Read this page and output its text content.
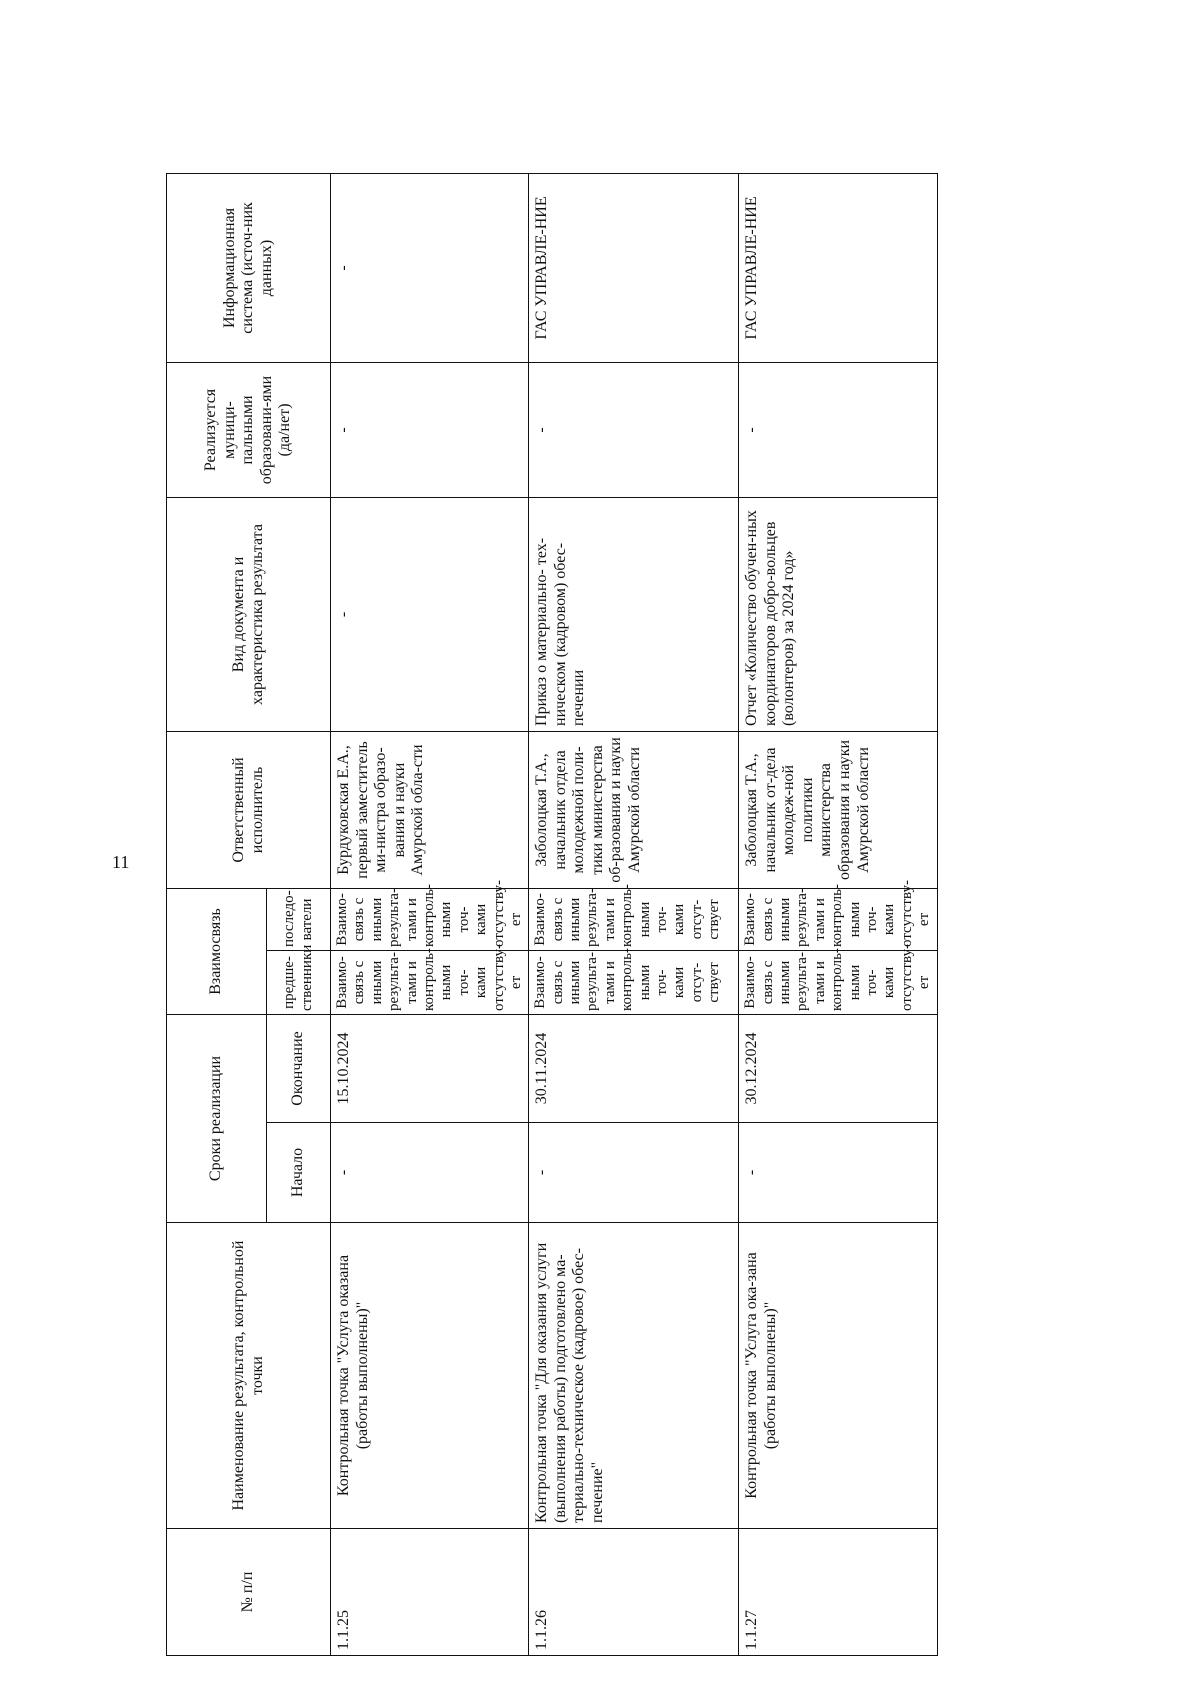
11
№ п/п	Наименование результата, контрольной точки	Сроки реализации		Взаимосвязь		Ответственный исполнитель	Вид документа и характеристика результата	Реализуется муници-пальными образовани-ями (да/нет)	Информационная система (источ-ник данных)
		Начало	Окончание	предше-ственники	последо-ватели				
1.1.25	Контрольная точка "Услуга оказана (работы выполнены)"	-	15.10.2024	Взаимо-связь с иными результа-тами и контроль-ными точ-ками отсутству-ет	Взаимо-связь с иными результа-тами и контроль-ными точ-ками отсутству-ет	Бурдуковская Е.А., первый заместитель ми-нистра образо-вания и науки Амурской обла-сти	-	-	-
1.1.26	Контрольная точка "Для оказания услуги (выполнения работы) подготовлено ма-териально-техническое (кадровое) обес-печение"	-	30.11.2024	Взаимо-связь с иными результа-тами и контроль-ными точ-ками отсут-ствует	Взаимо-связь с иными результа-тами и контроль-ными точ-ками отсут-ствует	Заболоцкая Т.А., начальник отдела молодежной поли-тики министерства об-разования и науки Амурской области	Приказ о материально- тех-ническом (кадровом) обес-печении	-	ГАС УПРАВЛЕ-НИЕ
1.1.27	Контрольная точка "Услуга ока-зана (работы выполнены)"	-	30.12.2024	Взаимо-связь с иными результа-тами и контроль-ными точ-ками отсутству-ет	Взаимо-связь с иными результа-тами и контроль-ными точ-ками отсутству-ет	Заболоцкая Т.А., начальник от-дела молодеж-ной политики министерства образования и науки Амурской области	Отчет «Количество обучен-ных координаторов добро-вольцев (волонтеров) за 2024 год»	-	ГАС УПРАВЛЕ-НИЕ
